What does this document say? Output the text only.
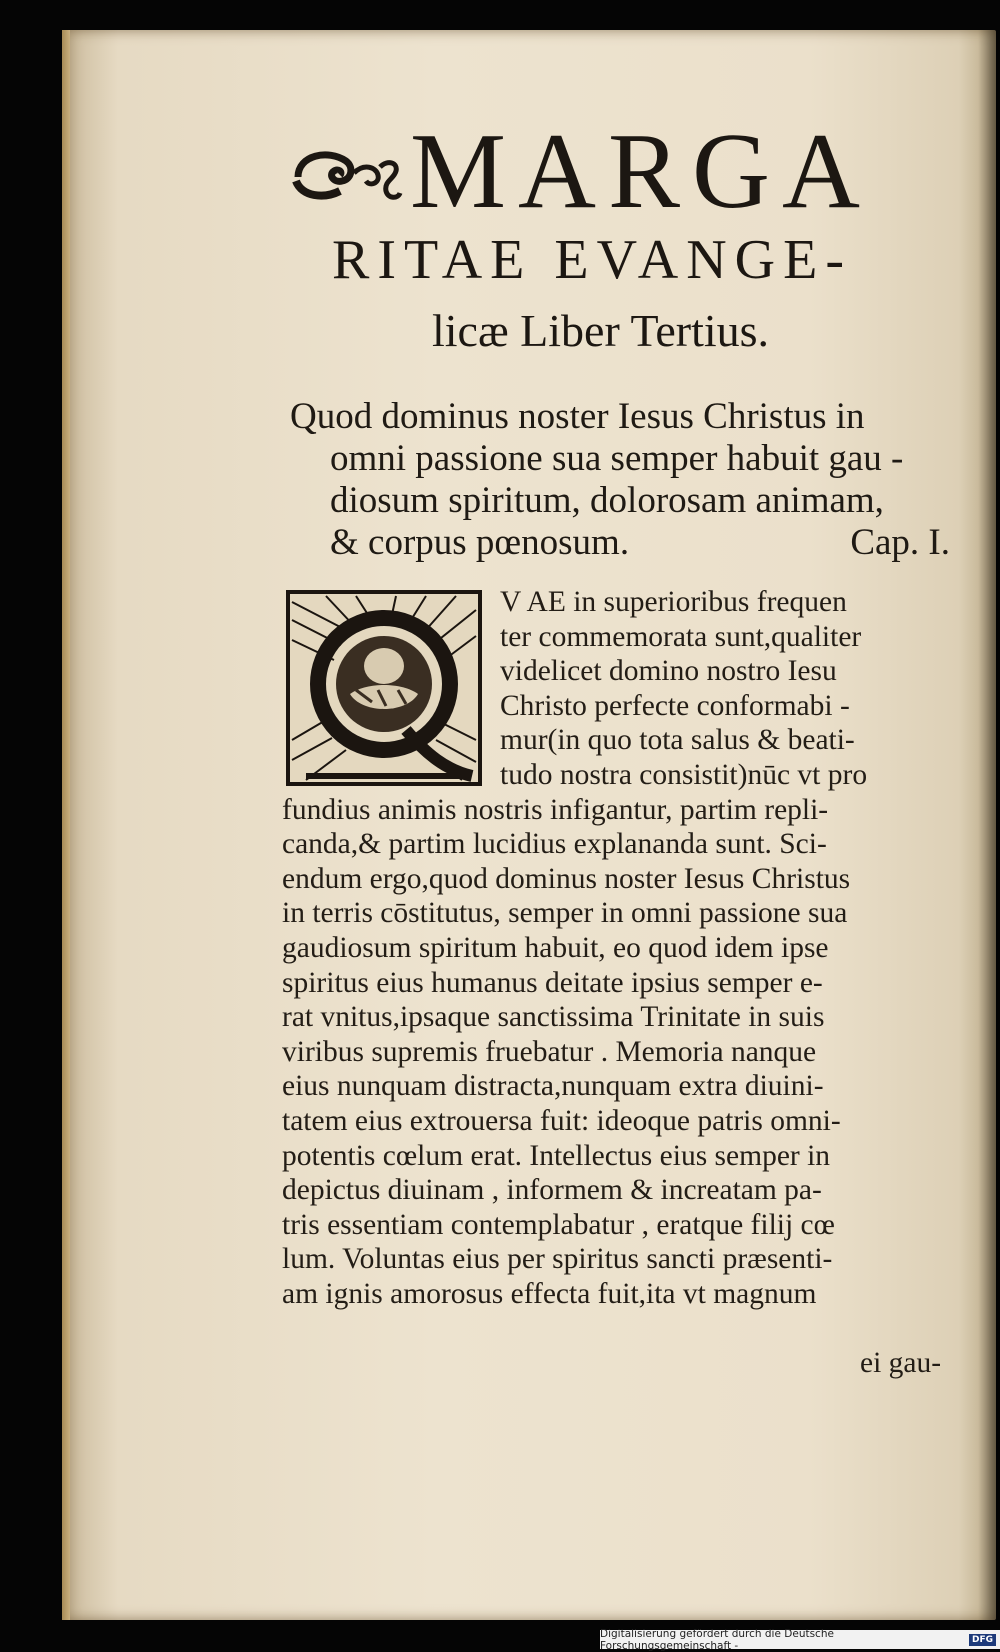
MARGA
RITAE EVANGE-
licæ Liber Tertius.
Quod dominus noster Iesus Christus in
omni passione sua semper habuit gau -
diosum spiritum, dolorosam animam,
& corpus pœnosum.	Cap. I.
V AE in superioribus frequen
ter commemorata sunt,qualiter
videlicet domino nostro Iesu
Christo perfecte conformabi -
mur(in quo tota salus & beati-
tudo nostra consistit)nūc vt pro
fundius animis nostris infigantur, partim repli-
canda,& partim lucidius explananda sunt. Sci-
endum ergo,quod dominus noster Iesus Christus
in terris cōstitutus, semper in omni passione sua
gaudiosum spiritum habuit, eo quod idem ipse
spiritus eius humanus deitate ipsius semper e-
rat vnitus,ipsaque sanctissima Trinitate in suis
viribus supremis fruebatur . Memoria nanque
eius nunquam distracta,nunquam extra diuini-
tatem eius extrouersa fuit: ideoque patris omni-
potentis cœlum erat. Intellectus eius semper in
depictus diuinam , informem & increatam pa-
tris essentiam contemplabatur , eratque filij cœ
lum. Voluntas eius per spiritus sancti præsenti-
am ignis amorosus effecta fuit,ita vt magnum
ei gau-
Digitalisierung gefördert durch die Deutsche Forschungsgemeinschaft -	DFG
